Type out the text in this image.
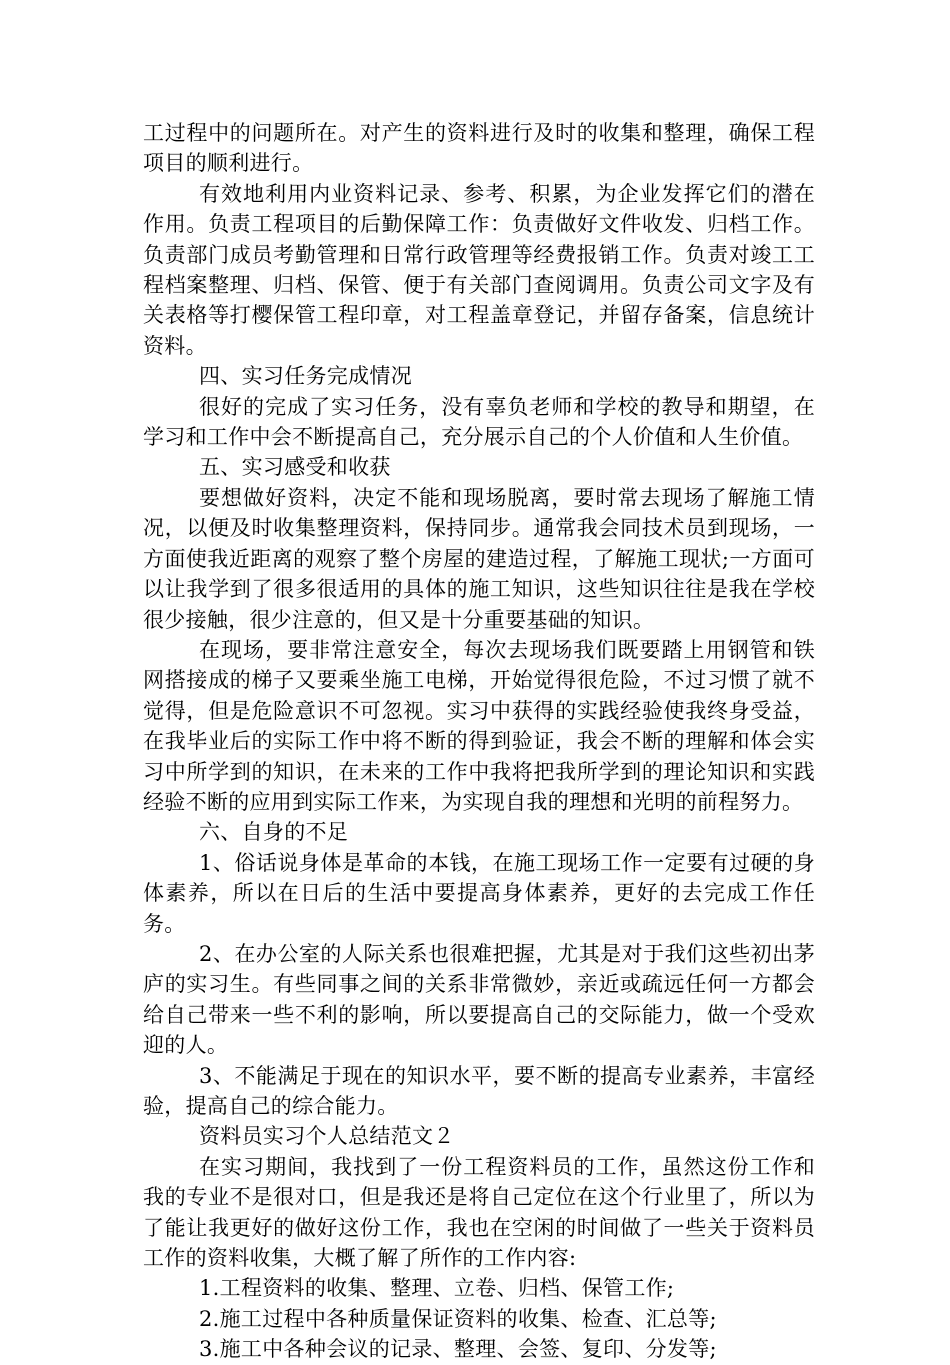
工过程中的问题所在。对产生的资料进行及时的收集和整理，确保工程项目的顺利进行。

有效地利用内业资料记录、参考、积累，为企业发挥它们的潜在作用。负责工程项目的后勤保障工作：负责做好文件收发、归档工作。负责部门成员考勤管理和日常行政管理等经费报销工作。负责对竣工工程档案整理、归档、保管、便于有关部门查阅调用。负责公司文字及有关表格等打樱保管工程印章，对工程盖章登记，并留存备案，信息统计资料。

四、实习任务完成情况

很好的完成了实习任务，没有辜负老师和学校的教导和期望，在学习和工作中会不断提高自己，充分展示自己的个人价值和人生价值。

五、实习感受和收获

要想做好资料，决定不能和现场脱离，要时常去现场了解施工情况，以便及时收集整理资料，保持同步。通常我会同技术员到现场，一方面使我近距离的观察了整个房屋的建造过程，了解施工现状;一方面可以让我学到了很多很适用的具体的施工知识，这些知识往往是我在学校很少接触，很少注意的，但又是十分重要基础的知识。

在现场，要非常注意安全，每次去现场我们既要踏上用钢管和铁网搭接成的梯子又要乘坐施工电梯，开始觉得很危险，不过习惯了就不觉得，但是危险意识不可忽视。实习中获得的实践经验使我终身受益，在我毕业后的实际工作中将不断的得到验证，我会不断的理解和体会实习中所学到的知识，在未来的工作中我将把我所学到的理论知识和实践经验不断的应用到实际工作来，为实现自我的理想和光明的前程努力。

六、自身的不足

1、俗话说身体是革命的本钱，在施工现场工作一定要有过硬的身体素养，所以在日后的生活中要提高身体素养，更好的去完成工作任务。

2、在办公室的人际关系也很难把握，尤其是对于我们这些初出茅庐的实习生。有些同事之间的关系非常微妙，亲近或疏远任何一方都会给自己带来一些不利的影响，所以要提高自己的交际能力，做一个受欢迎的人。

3、不能满足于现在的知识水平，要不断的提高专业素养，丰富经验，提高自己的综合能力。

资料员实习个人总结范文２

在实习期间，我找到了一份工程资料员的工作，虽然这份工作和我的专业不是很对口，但是我还是将自己定位在这个行业里了，所以为了能让我更好的做好这份工作，我也在空闲的时间做了一些关于资料员工作的资料收集，大概了解了所作的工作内容:

1.工程资料的收集、整理、立卷、归档、保管工作;

2.施工过程中各种质量保证资料的收集、检查、汇总等;

3.施工中各种会议的记录、整理、会签、复印、分发等;
